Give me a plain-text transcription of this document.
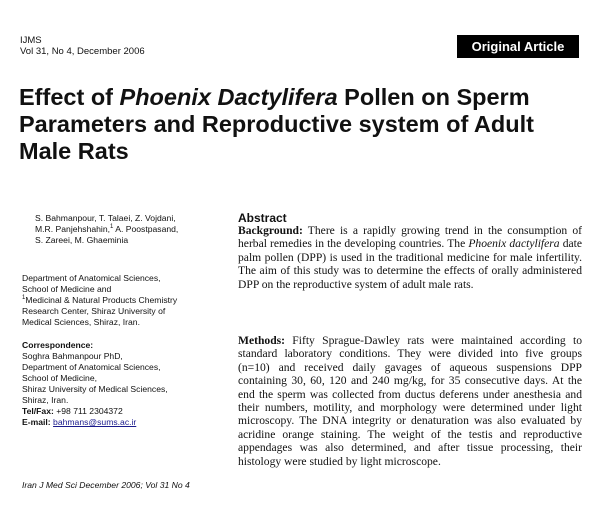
IJMS
Vol 31, No 4, December 2006	Original Article
Effect of Phoenix Dactylifera Pollen on Sperm Parameters and Reproductive system of Adult Male Rats
S. Bahmanpour, T. Talaei, Z. Vojdani,
M.R. Panjehshahin,$^1$ A. Poostpasand,
S. Zareei, M. Ghaeminia
Department of Anatomical Sciences,
School of Medicine and
$^1$Medicinal & Natural Products Chemistry
Research Center, Shiraz University of
Medical Sciences, Shiraz, Iran.
Correspondence:
Soghra Bahmanpour PhD,
Department of Anatomical Sciences,
School of Medicine,
Shiraz University of Medical Sciences,
Shiraz, Iran.
Tel/Fax: +98 711 2304372
E-mail: bahmans@sums.ac.ir
Iran J Med Sci December 2006; Vol 31 No 4
Abstract

Background: There is a rapidly growing trend in the consumption of herbal remedies in the developing countries. The Phoenix dactylifera date palm pollen (DPP) is used in the traditional medicine for male infertility. The aim of this study was to determine the effects of orally administered DPP on the reproductive system of adult male rats.

Methods: Fifty Sprague-Dawley rats were maintained according to standard laboratory conditions. They were divided into five groups (n=10) and received daily gavages of aqueous suspensions DPP containing 30, 60, 120 and 240 mg/kg, for 35 consecutive days. At the end the sperm was collected from ductus deferens under anesthesia and their numbers, motility, and morphology were determined under light microscopy. The DNA integrity or denaturation was also evaluated by acridine orange staining. The weight of the testis and reproductive appendages was also determined, and after tissue processing, their histology were studied by light microscope.
